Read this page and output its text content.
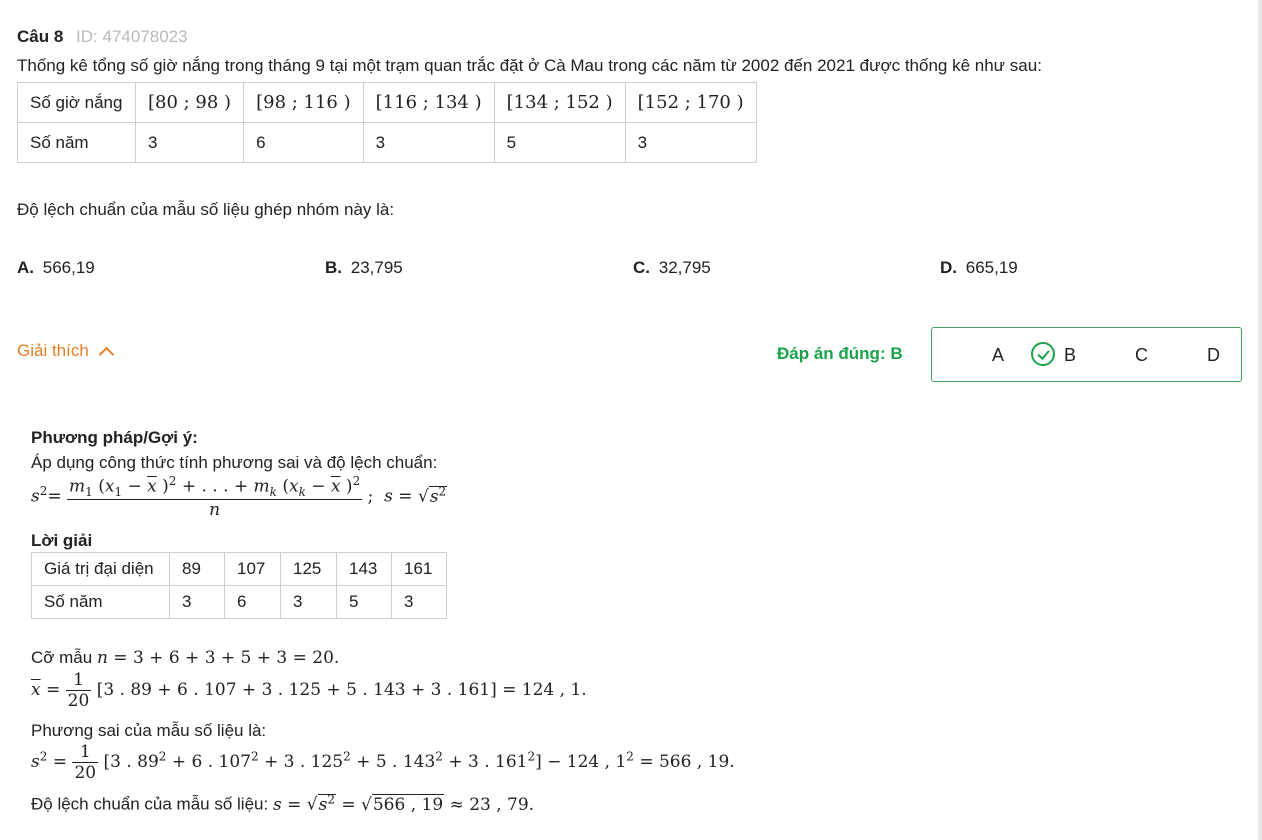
Câu 8 ID: 474078023
Thống kê tổng số giờ nắng trong tháng 9 tại một trạm quan trắc đặt ở Cà Mau trong các năm từ 2002 đến 2021 được thống kê như sau:
Số giờ nắng	[80 ; 98 )	[98 ; 116 )	[116 ; 134 )	[134 ; 152 )	[152 ; 170 )
Số năm	3	6	3	5	3
Độ lệch chuẩn của mẫu số liệu ghép nhóm này là:
A. 566,19	B. 23,795	C. 32,795	D. 665,19
Giải thích	Đáp án đúng: B	A	B	C	D
Phương pháp/Gợi ý:
Áp dụng công thức tính phương sai và độ lệch chuẩn:
$s^2= \frac{m_1 (x_1 - \overline{x} )^2 + . . . + m_k (x_k - \overline{x} )^2}{n}$ ;  $s = √s^2$
Lời giải
Giá trị đại diện	89	107	125	143	161
Số năm	3	6	3	5	3
Cỡ mẫu n = 3 + 6 + 3 + 5 + 3 = 20.
$\overline{x} = \frac{1}{20} [3$ . 89 + 6 . 107 + 3 . 125 + 5 . 143 + 3 . 161] = 124 , 1.
Phương sai của mẫu số liệu là:
$s^2 = \frac{1}{20} [3$ . $89^2 + 6$ . $107^2 + 3$ . $125^2 + 5$ . $143^2 + 3$ . $161^2] - 124$ , $1^2 = 566$ , 19.
Độ lệch chuẩn của mẫu số liệu: $s = √s^2 = √566$ , 19 ≈ 23 , 79.
